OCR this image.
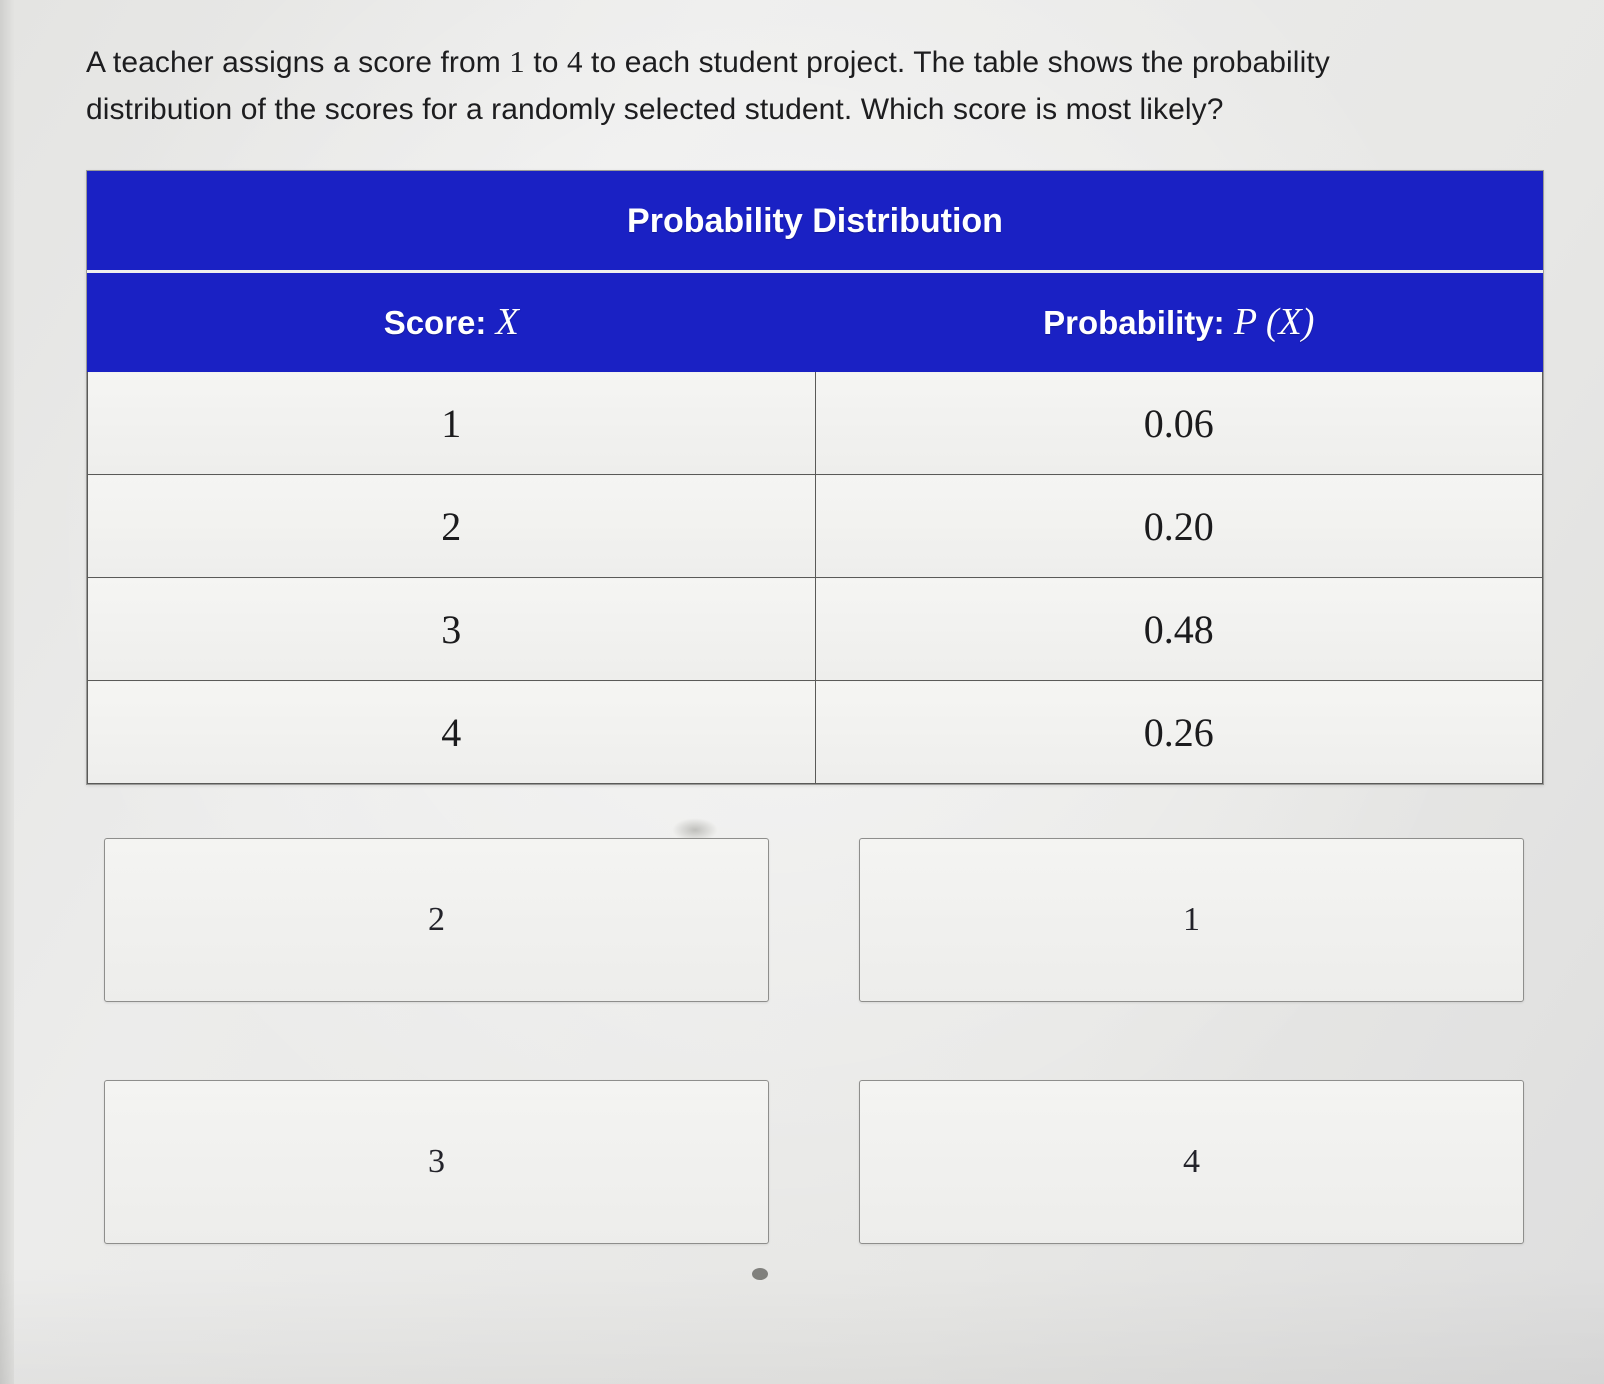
A teacher assigns a score from 1 to 4 to each student project. The table shows the probability
distribution of the scores for a randomly selected student. Which score is most likely?
Probability Distribution	
Score: X	Probability: P (X)
1	0.06
2	0.20
3	0.48
4	0.26
2	1
3	4
